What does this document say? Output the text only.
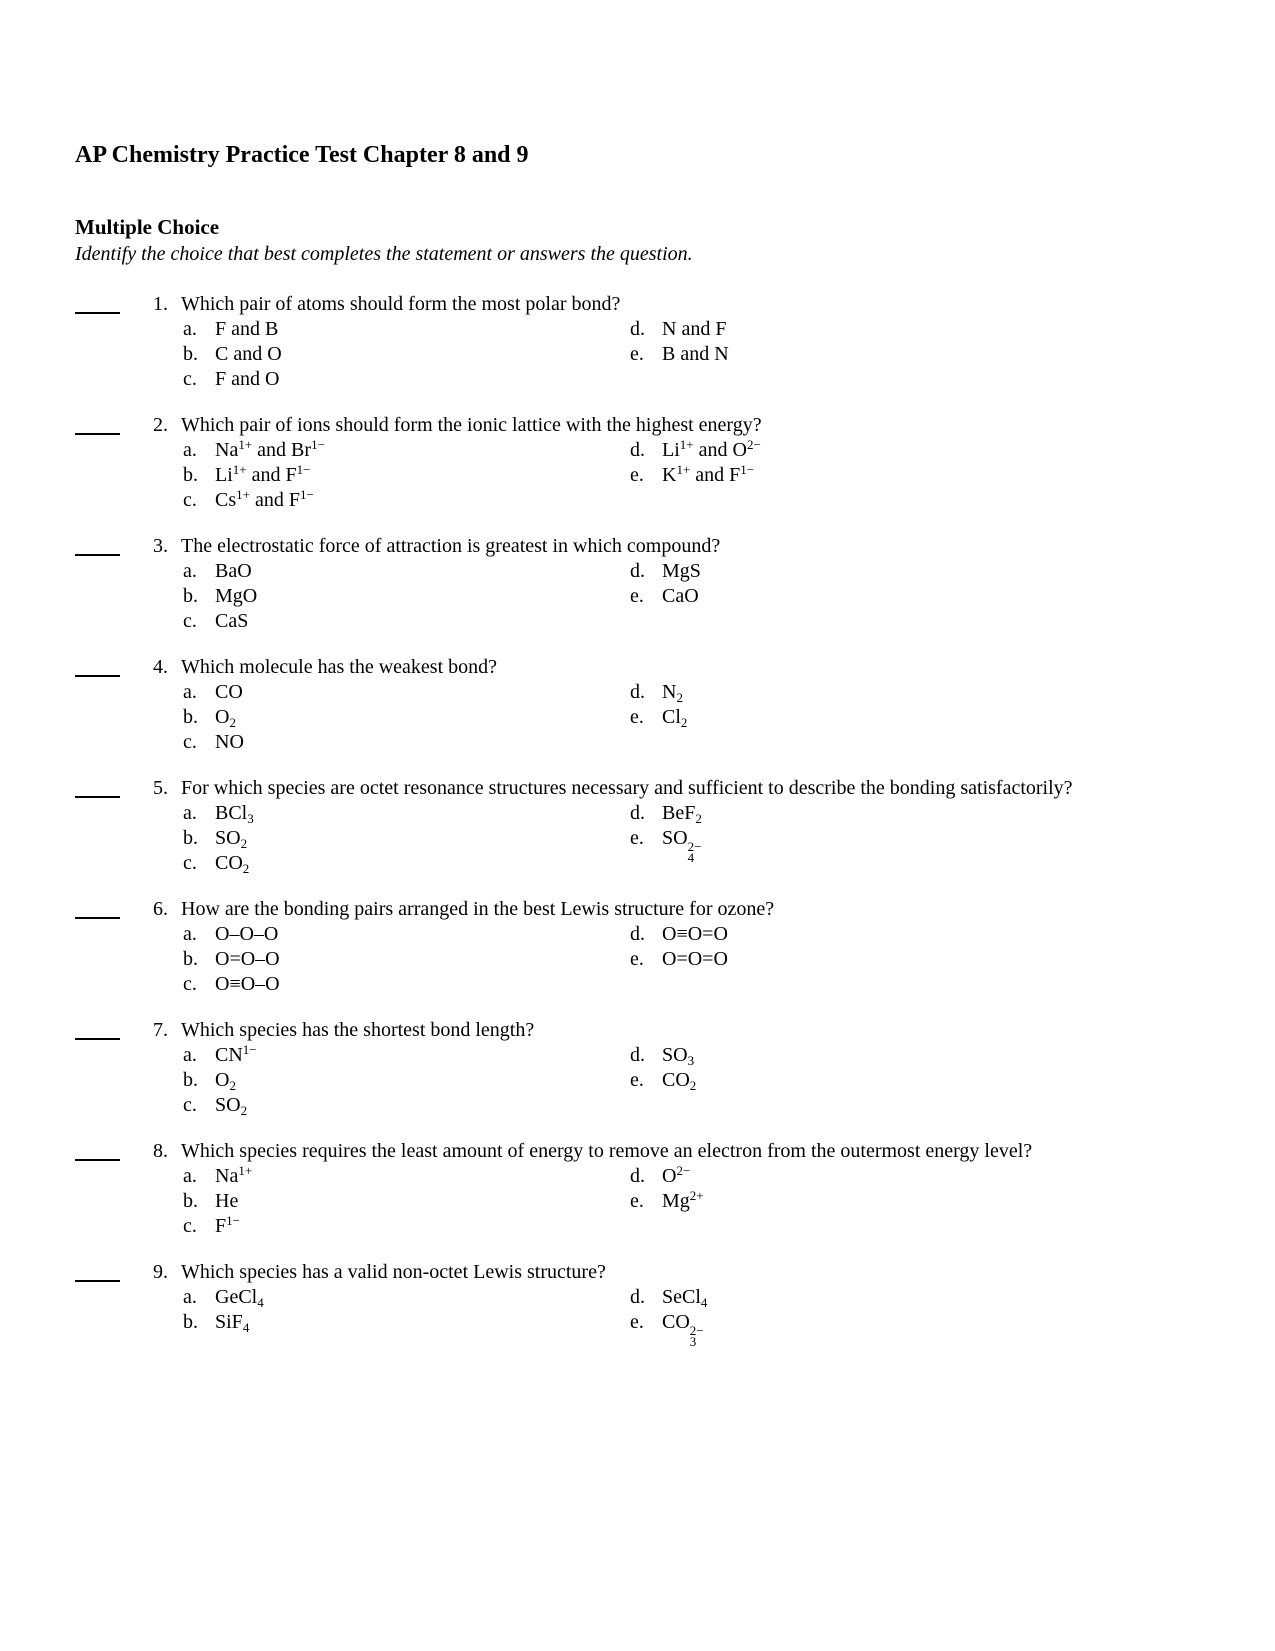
AP Chemistry Practice Test Chapter 8 and 9
Multiple Choice

Identify the choice that best completes the statement or answers the question.

1. Which pair of atoms should form the most polar bond?
a. F and B
b. C and O
c. F and O
d. N and F
e. B and N
2. Which pair of ions should form the ionic lattice with the highest energy?
a. $Na^{1+}$ and $Br^{1-}$
b. $Li^{1+}$ and $F^{1-}$
c. $Cs^{1+}$ and $F^{1-}$
d. $Li^{1+}$ and $O^{2-}$
e. $K^{1+}$ and $F^{1-}$
3. The electrostatic force of attraction is greatest in which compound?
a. BaO
b. MgO
c. CaS
d. MgS
e. CaO
4. Which molecule has the weakest bond?
a. CO
b. $O_2$
c. NO
d. $N_2$
e. $Cl_2$
5. For which species are octet resonance structures necessary and sufficient to describe the bonding satisfactorily?
a. BCl$_3$
b. $SO_2$
c. $CO_2$
d. BeF$_2$
e. SO 2−
4
6. How are the bonding pairs arranged in the best Lewis structure for ozone?
a. O–O–O
b. O=O–O
c. O≡O–O
d. O≡O=O
e. O=O=O
7. Which species has the shortest bond length?
a. $CN^{1-}$
b. $O_2$
c. $SO_2$
d. $SO_3$
e. $CO_2$
8. Which species requires the least amount of energy to remove an electron from the outermost energy level?
a. $Na^{1+}$
b. He
c. $F^{1-}$
d. $O^{2-}$
e. $Mg^{2+}$
9. Which species has a valid non-octet Lewis structure?
a. GeCl$_4$
b. SiF$_4$
d. SeCl$_4$
e. CO 2−
3
